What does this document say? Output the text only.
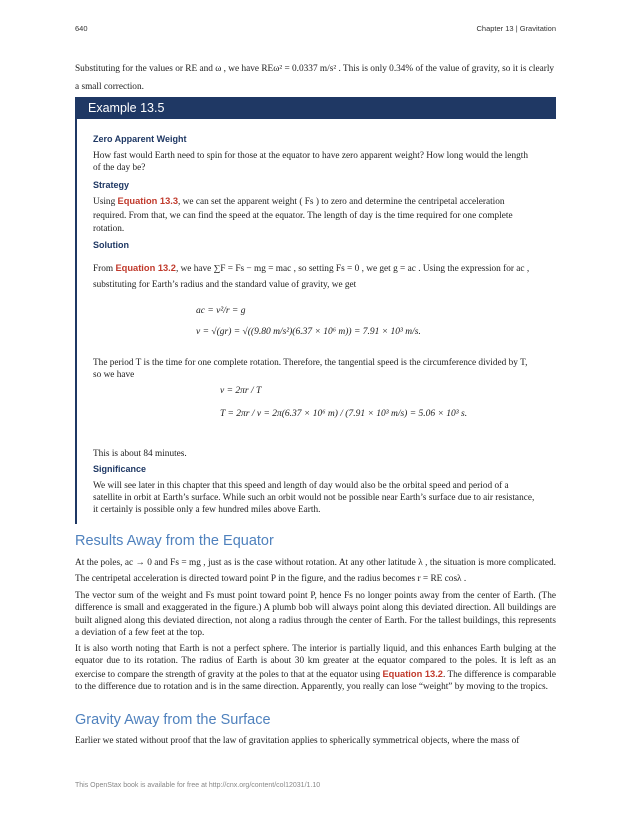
640	Chapter 13 | Gravitation
Substituting for the values or RE and ω , we have REω² = 0.0337 m/s² . This is only 0.34% of the value of gravity, so it is clearly a small correction.
Example 13.5
Zero Apparent Weight
How fast would Earth need to spin for those at the equator to have zero apparent weight? How long would the length of the day be?
Strategy
Using Equation 13.3, we can set the apparent weight ( Fs ) to zero and determine the centripetal acceleration required. From that, we can find the speed at the equator. The length of day is the time required for one complete rotation.
Solution
From Equation 13.2, we have ∑F = Fs − mg = mac , so setting Fs = 0 , we get g = ac . Using the expression for ac , substituting for Earth’s radius and the standard value of gravity, we get
ac = v²/r = g
v = √(gr) = √((9.80 m/s²)(6.37 × 10⁶ m)) = 7.91 × 10³ m/s.
The period T is the time for one complete rotation. Therefore, the tangential speed is the circumference divided by T, so we have
v = 2πr / T
T = 2πr / v = 2π(6.37 × 10⁶ m) / (7.91 × 10³ m/s) = 5.06 × 10³ s.
This is about 84 minutes.
Significance
We will see later in this chapter that this speed and length of day would also be the orbital speed and period of a satellite in orbit at Earth’s surface. While such an orbit would not be possible near Earth’s surface due to air resistance, it certainly is possible only a few hundred miles above Earth.
Results Away from the Equator
At the poles, ac → 0 and Fs = mg , just as is the case without rotation. At any other latitude λ , the situation is more complicated. The centripetal acceleration is directed toward point P in the figure, and the radius becomes r = RE cosλ .
The vector sum of the weight and Fs must point toward point P, hence Fs no longer points away from the center of Earth. (The difference is small and exaggerated in the figure.) A plumb bob will always point along this deviated direction. All buildings are built aligned along this deviated direction, not along a radius through the center of Earth. For the tallest buildings, this represents a deviation of a few feet at the top.
It is also worth noting that Earth is not a perfect sphere. The interior is partially liquid, and this enhances Earth bulging at the equator due to its rotation. The radius of Earth is about 30 km greater at the equator compared to the poles. It is left as an exercise to compare the strength of gravity at the poles to that at the equator using Equation 13.2. The difference is comparable to the difference due to rotation and is in the same direction. Apparently, you really can lose “weight” by moving to the tropics.
Gravity Away from the Surface
Earlier we stated without proof that the law of gravitation applies to spherically symmetrical objects, where the mass of
This OpenStax book is available for free at http://cnx.org/content/col12031/1.10
